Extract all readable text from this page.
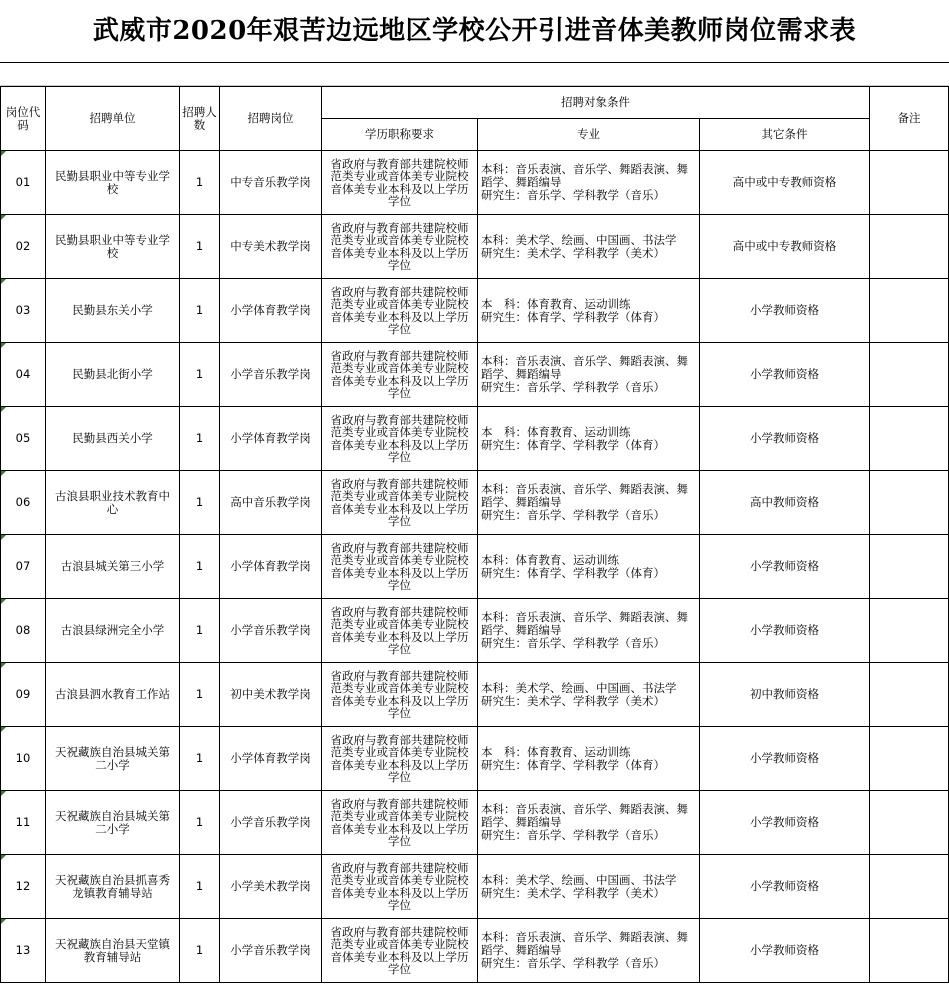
武威市2020年艰苦边远地区学校公开引进音体美教师岗位需求表
岗位代码	招聘单位	招聘人数	招聘岗位	招聘对象条件			备注
				学历职称要求	专业	其它条件	
01	民勤县职业中等专业学校	1	中专音乐教学岗	省政府与教育部共建院校师范类专业或音体美专业院校音体美专业本科及以上学历学位	本科：音乐表演、音乐学、舞蹈表演、舞蹈学、舞蹈编导
研究生：音乐学、学科教学（音乐）	高中或中专教师资格	
02	民勤县职业中等专业学校	1	中专美术教学岗	省政府与教育部共建院校师范类专业或音体美专业院校音体美专业本科及以上学历学位	本科：美术学、绘画、中国画、书法学
研究生：美术学、学科教学（美术）	高中或中专教师资格	
03	民勤县东关小学	1	小学体育教学岗	省政府与教育部共建院校师范类专业或音体美专业院校音体美专业本科及以上学历学位	本　科：体育教育、运动训练
研究生：体育学、学科教学（体育）	小学教师资格	
04	民勤县北街小学	1	小学音乐教学岗	省政府与教育部共建院校师范类专业或音体美专业院校音体美专业本科及以上学历学位	本科：音乐表演、音乐学、舞蹈表演、舞蹈学、舞蹈编导
研究生：音乐学、学科教学（音乐）	小学教师资格	
05	民勤县西关小学	1	小学体育教学岗	省政府与教育部共建院校师范类专业或音体美专业院校音体美专业本科及以上学历学位	本　科：体育教育、运动训练
研究生：体育学、学科教学（体育）	小学教师资格	
06	古浪县职业技术教育中心	1	高中音乐教学岗	省政府与教育部共建院校师范类专业或音体美专业院校音体美专业本科及以上学历学位	本科：音乐表演、音乐学、舞蹈表演、舞蹈学、舞蹈编导
研究生：音乐学、学科教学（音乐）	高中教师资格	
07	古浪县城关第三小学	1	小学体育教学岗	省政府与教育部共建院校师范类专业或音体美专业院校音体美专业本科及以上学历学位	本科：体育教育、运动训练
研究生：体育学、学科教学（体育）	小学教师资格	
08	古浪县绿洲完全小学	1	小学音乐教学岗	省政府与教育部共建院校师范类专业或音体美专业院校音体美专业本科及以上学历学位	本科：音乐表演、音乐学、舞蹈表演、舞蹈学、舞蹈编导
研究生：音乐学、学科教学（音乐）	小学教师资格	
09	古浪县泗水教育工作站	1	初中美术教学岗	省政府与教育部共建院校师范类专业或音体美专业院校音体美专业本科及以上学历学位	本科：美术学、绘画、中国画、书法学
研究生：美术学、学科教学（美术）	初中教师资格	
10	天祝藏族自治县城关第二小学	1	小学体育教学岗	省政府与教育部共建院校师范类专业或音体美专业院校音体美专业本科及以上学历学位	本　科：体育教育、运动训练
研究生：体育学、学科教学（体育）	小学教师资格	
11	天祝藏族自治县城关第二小学	1	小学音乐教学岗	省政府与教育部共建院校师范类专业或音体美专业院校音体美专业本科及以上学历学位	本科：音乐表演、音乐学、舞蹈表演、舞蹈学、舞蹈编导
研究生：音乐学、学科教学（音乐）	小学教师资格	
12	天祝藏族自治县抓喜秀龙镇教育辅导站	1	小学美术教学岗	省政府与教育部共建院校师范类专业或音体美专业院校音体美专业本科及以上学历学位	本科：美术学、绘画、中国画、书法学
研究生：美术学、学科教学（美术）	小学教师资格	
13	天祝藏族自治县天堂镇教育辅导站	1	小学音乐教学岗	省政府与教育部共建院校师范类专业或音体美专业院校音体美专业本科及以上学历学位	本科：音乐表演、音乐学、舞蹈表演、舞蹈学、舞蹈编导
研究生：音乐学、学科教学（音乐）	小学教师资格	
